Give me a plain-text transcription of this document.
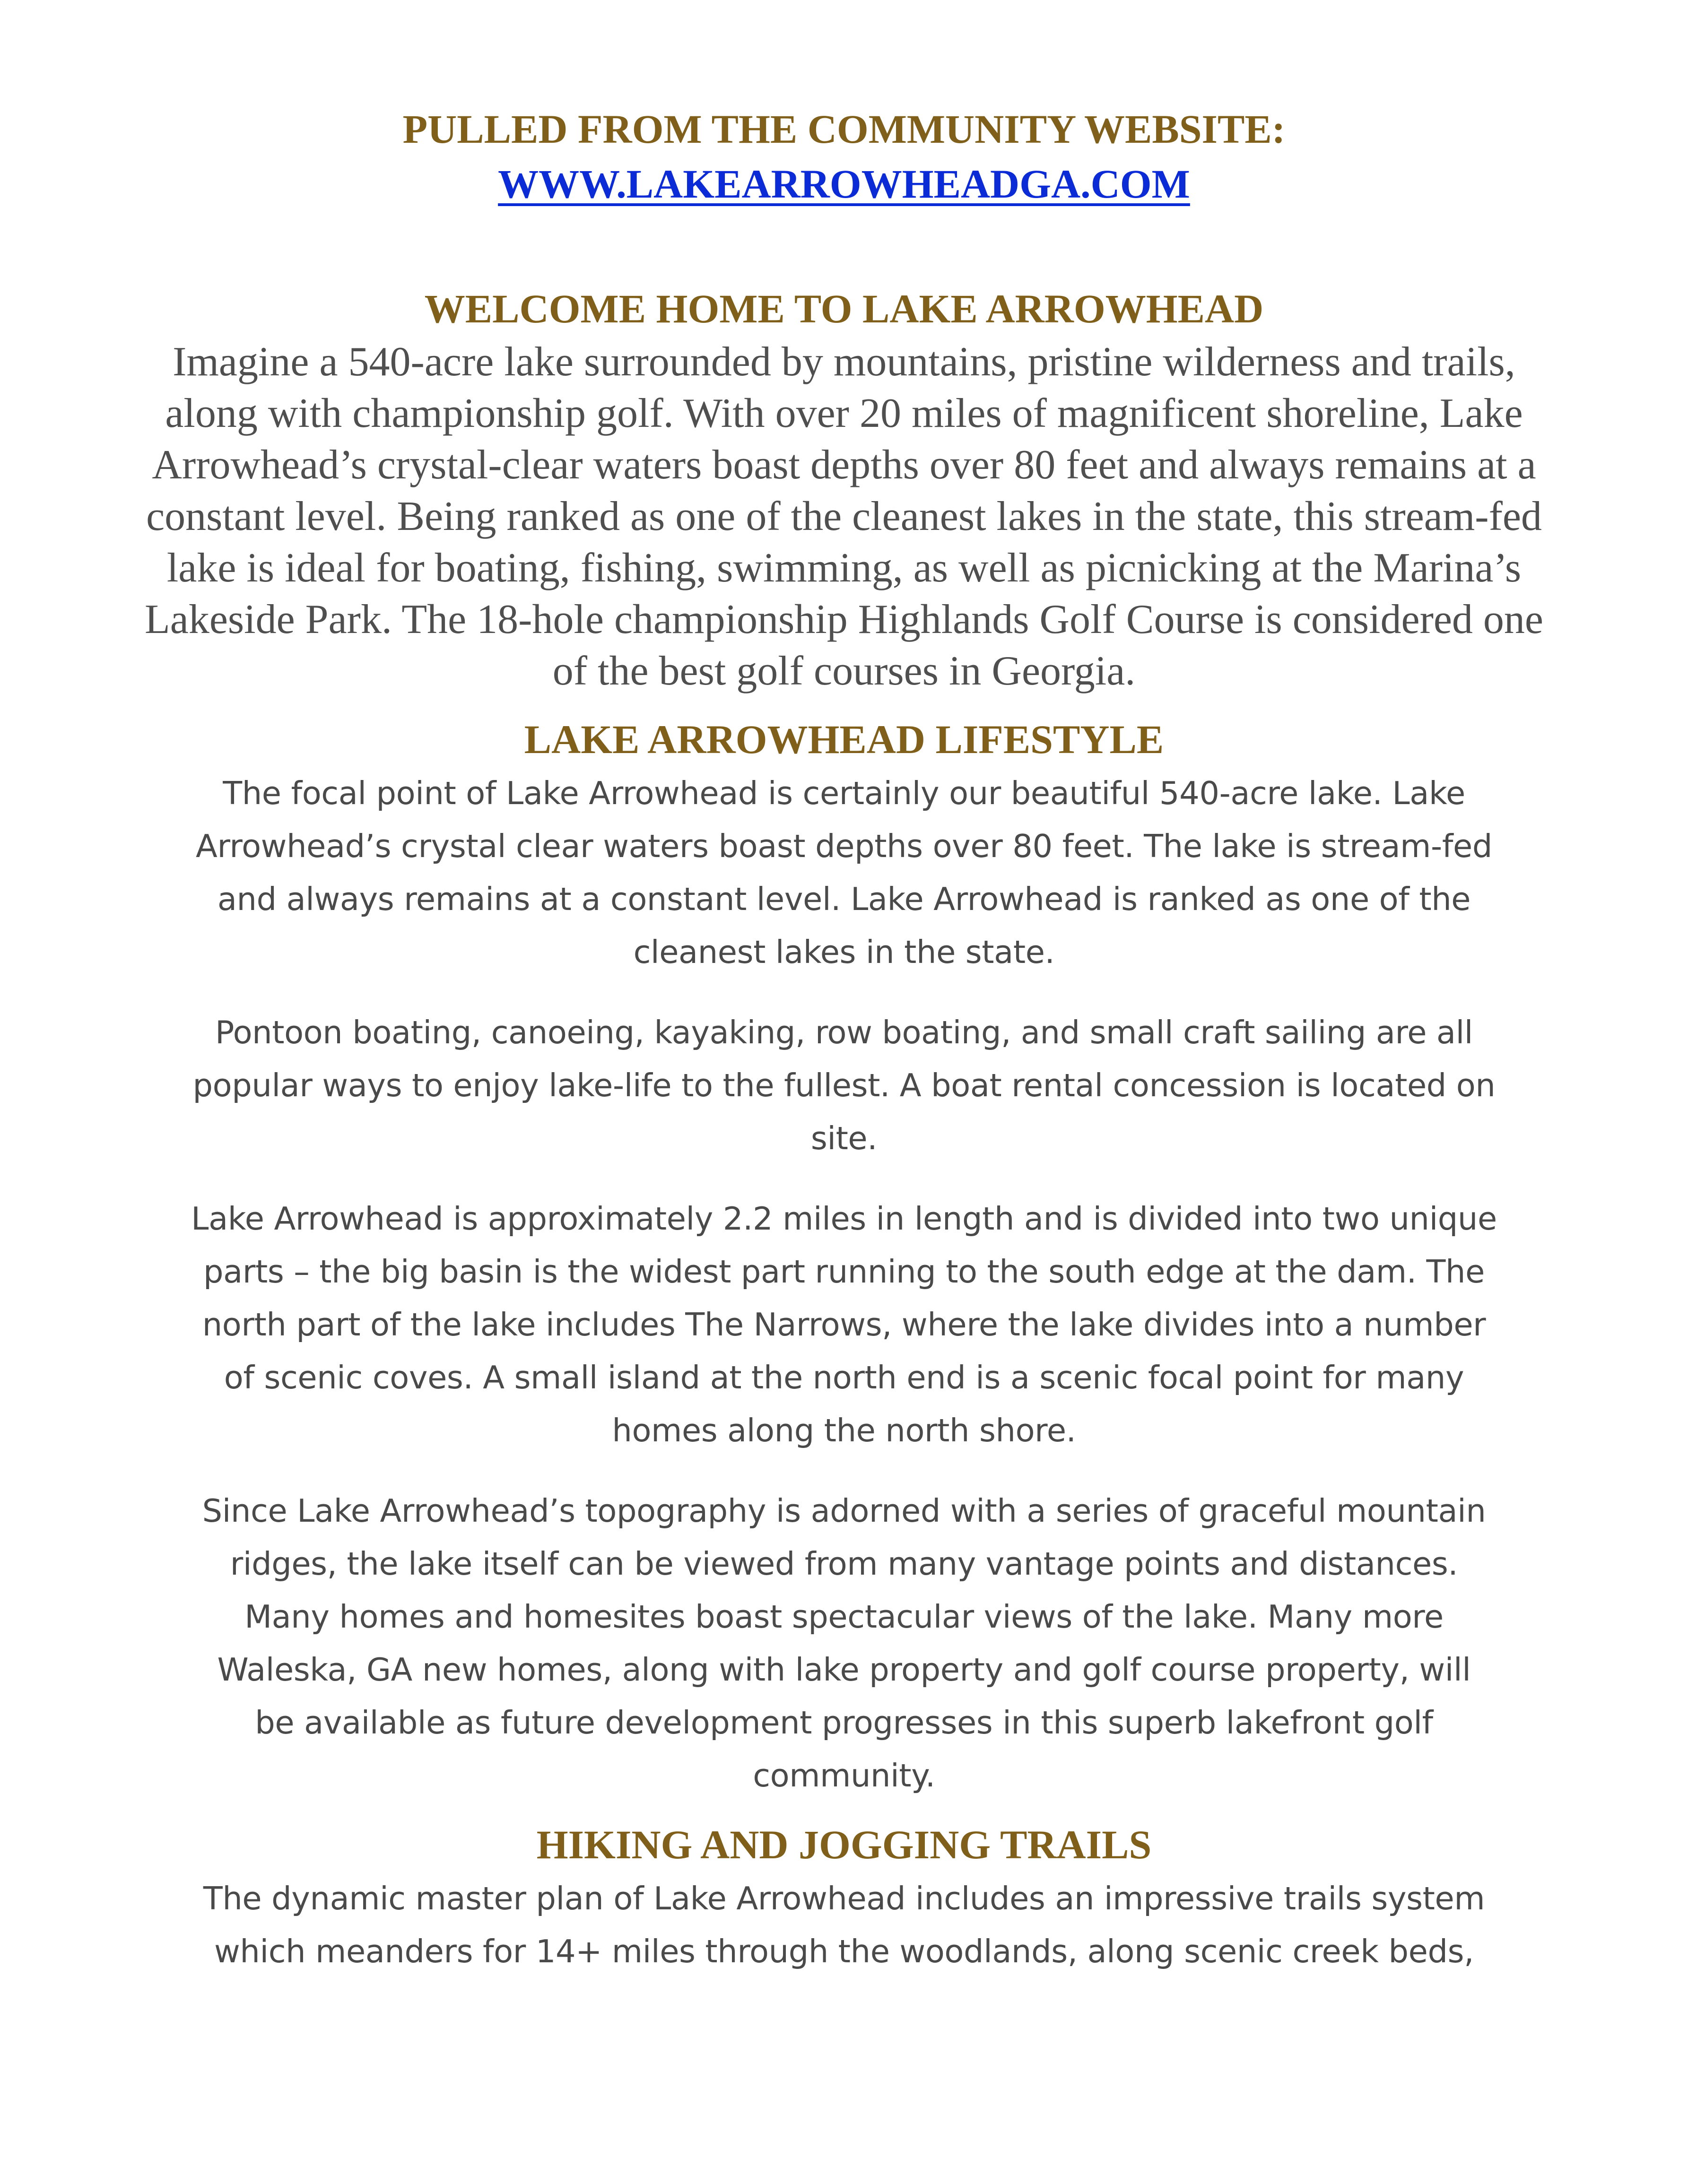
PULLED FROM THE COMMUNITY WEBSITE:
WWW.LAKEARROWHEADGA.COM
WELCOME HOME TO LAKE ARROWHEAD

Imagine a 540-acre lake surrounded by mountains, pristine wilderness and trails,
along with championship golf. With over 20 miles of magnificent shoreline, Lake
Arrowhead’s crystal-clear waters boast depths over 80 feet and always remains at a
constant level. Being ranked as one of the cleanest lakes in the state, this stream-fed
lake is ideal for boating, fishing, swimming, as well as picnicking at the Marina’s
Lakeside Park. The 18-hole championship Highlands Golf Course is considered one
of the best golf courses in Georgia.

LAKE ARROWHEAD LIFESTYLE

The focal point of Lake Arrowhead is certainly our beautiful 540-acre lake. Lake
Arrowhead’s crystal clear waters boast depths over 80 feet. The lake is stream-fed
and always remains at a constant level. Lake Arrowhead is ranked as one of the
cleanest lakes in the state.

Pontoon boating, canoeing, kayaking, row boating, and small craft sailing are all
popular ways to enjoy lake-life to the fullest. A boat rental concession is located on
site.

Lake Arrowhead is approximately 2.2 miles in length and is divided into two unique
parts – the big basin is the widest part running to the south edge at the dam. The
north part of the lake includes The Narrows, where the lake divides into a number
of scenic coves. A small island at the north end is a scenic focal point for many
homes along the north shore.

Since Lake Arrowhead’s topography is adorned with a series of graceful mountain
ridges, the lake itself can be viewed from many vantage points and distances.
Many homes and homesites boast spectacular views of the lake. Many more
Waleska, GA new homes, along with lake property and golf course property, will
be available as future development progresses in this superb lakefront golf
community.

HIKING AND JOGGING TRAILS

The dynamic master plan of Lake Arrowhead includes an impressive trails system
which meanders for 14+ miles through the woodlands, along scenic creek beds,
